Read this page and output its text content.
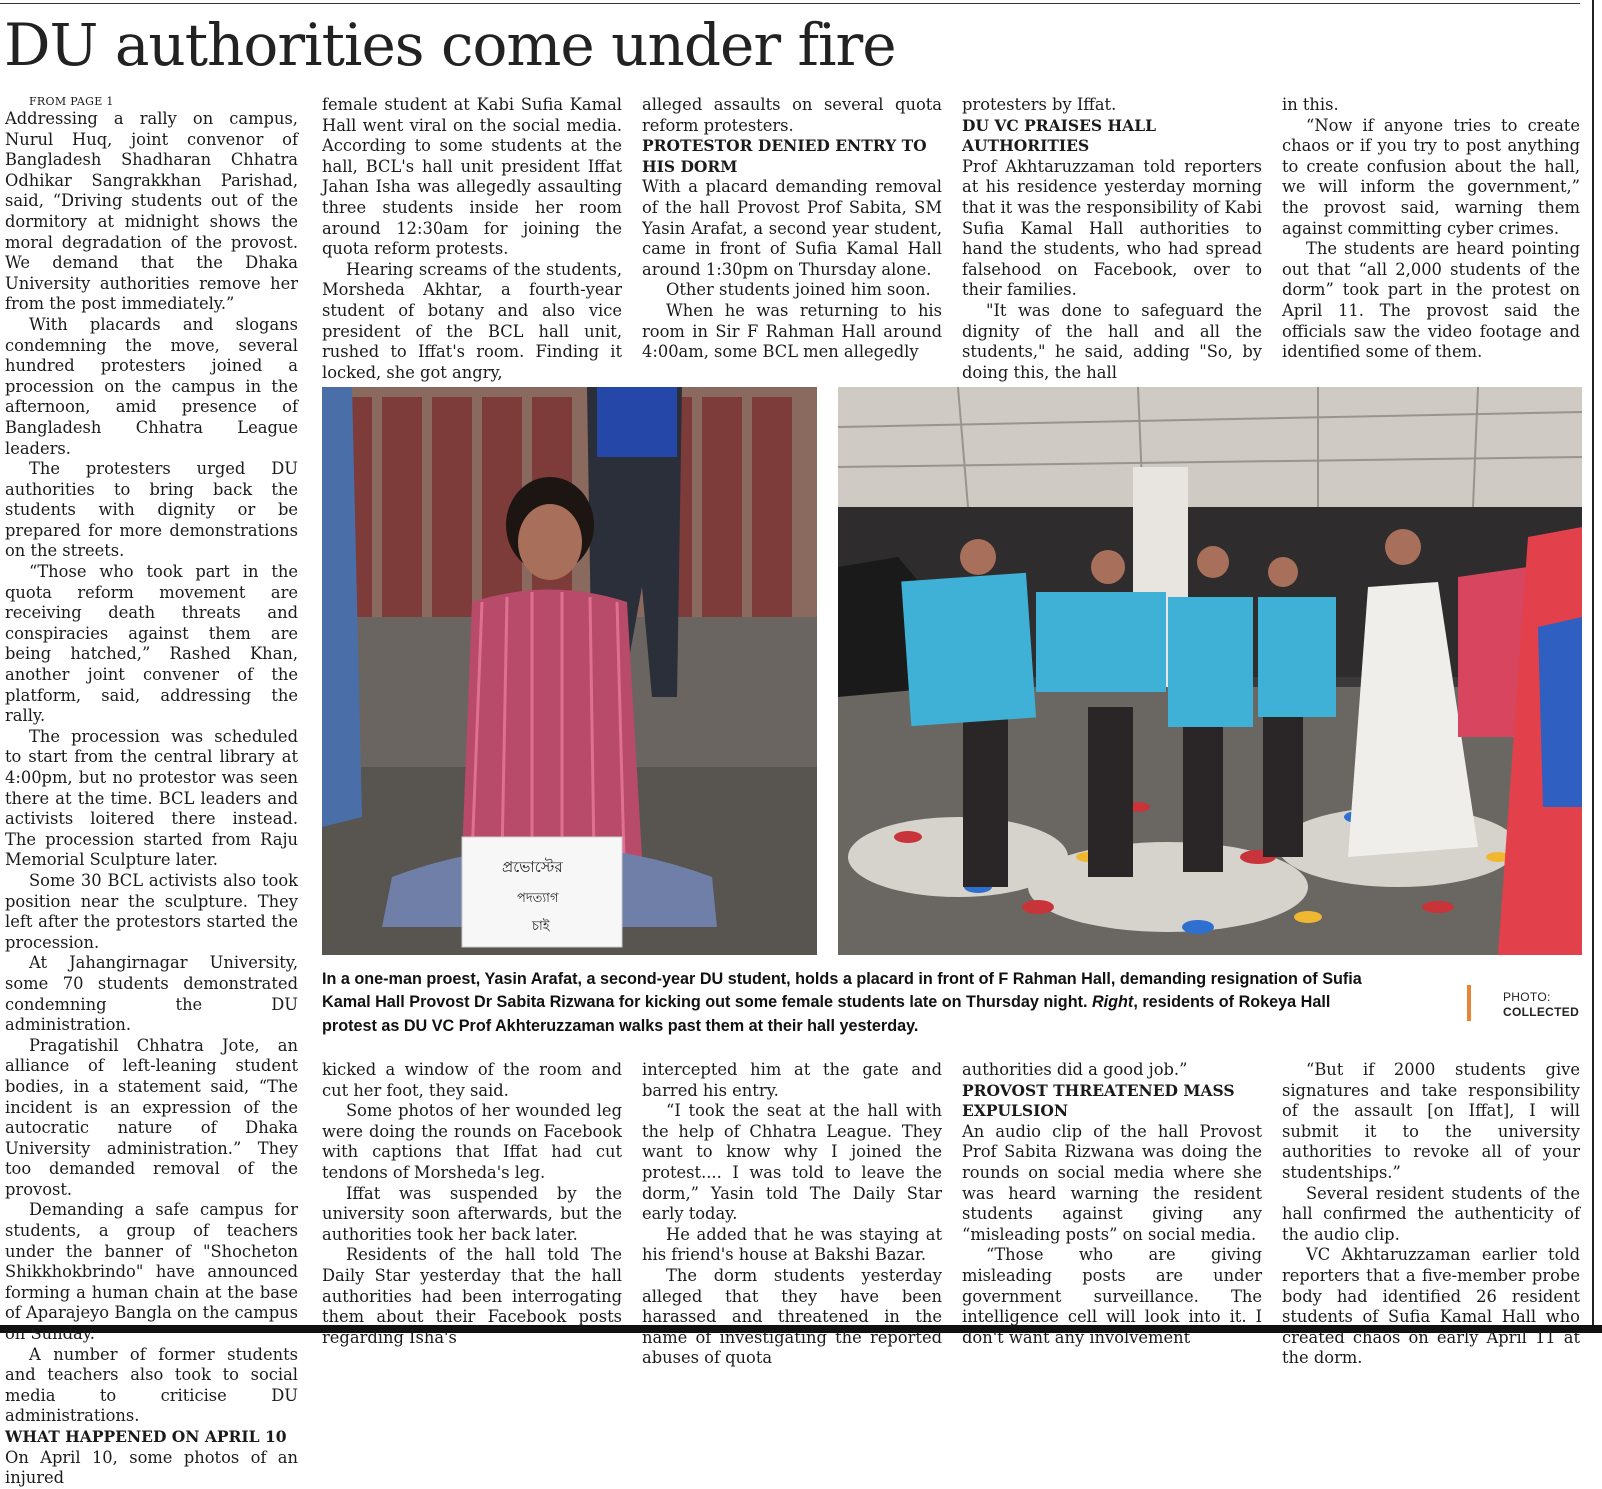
DU authorities come under fire

FROM PAGE 1

Addressing a rally on campus, Nurul Huq, joint convenor of Bangladesh Shadharan Chhatra Odhikar Sangrakkhan Parishad, said, “Driving students out of the dormitory at midnight shows the moral degradation of the provost. We demand that the Dhaka University authorities remove her from the post immediately.”

With placards and slogans condemning the move, several hundred protesters joined a procession on the campus in the afternoon, amid presence of Bangladesh Chhatra League leaders.

The protesters urged DU authorities to bring back the students with dignity or be prepared for more demonstrations on the streets.

“Those who took part in the quota reform movement are receiving death threats and conspiracies against them are being hatched,” Rashed Khan, another joint convener of the platform, said, addressing the rally.

The procession was scheduled to start from the central library at 4:00pm, but no protestor was seen there at the time. BCL leaders and activists loitered there instead. The procession started from Raju Memorial Sculpture later.

Some 30 BCL activists also took position near the sculpture. They left after the protestors started the procession.

At Jahangirnagar University, some 70 students demonstrated condemning the DU administration.

Pragatishil Chhatra Jote, an alliance of left-leaning student bodies, in a statement said, “The incident is an expression of the autocratic nature of Dhaka University administration.” They too demanded removal of the provost.

Demanding a safe campus for students, a group of teachers under the banner of "Shocheton Shikkhokbrindo" have announced forming a human chain at the base of Aparajeyo Bangla on the campus on Sunday.

A number of former students and teachers also took to social media to criticise DU administrations.

WHAT HAPPENED ON APRIL 10

On April 10, some photos of an injured

female student at Kabi Sufia Kamal Hall went viral on the social media. According to some students at the hall, BCL's hall unit president Iffat Jahan Isha was allegedly assaulting three students inside her room around 12:30am for joining the quota reform protests.

Hearing screams of the students, Morsheda Akhtar, a fourth-year student of botany and also vice president of the BCL hall unit, rushed to Iffat's room. Finding it locked, she got angry,

alleged assaults on several quota reform protesters.

PROTESTOR DENIED ENTRY TO HIS DORM

With a placard demanding removal of the hall Provost Prof Sabita, SM Yasin Arafat, a second year student, came in front of Sufia Kamal Hall around 1:30pm on Thursday alone.

Other students joined him soon.

When he was returning to his room in Sir F Rahman Hall around 4:00am, some BCL men allegedly

protesters by Iffat.

DU VC PRAISES HALL AUTHORITIES

Prof Akhtaruzzaman told reporters at his residence yesterday morning that it was the responsibility of Kabi Sufia Kamal Hall authorities to hand the students, who had spread falsehood on Facebook, over to their families.

"It was done to safeguard the dignity of the hall and all the students," he said, adding "So, by doing this, the hall

in this.

“Now if anyone tries to create chaos or if you try to post anything to create confusion about the hall, we will inform the government,” the provost said, warning them against committing cyber crimes.

The students are heard pointing out that “all 2,000 students of the dorm” took part in the protest on April 11. The provost said the officials saw the video footage and identified some of them.

প্রভোস্টের
পদত্যাগ
চাই
In a one-man proest, Yasin Arafat, a second-year DU student, holds a placard in front of F Rahman Hall, demanding resignation of Sufia Kamal Hall Provost Dr Sabita Rizwana for kicking out some female students late on Thursday night. Right, residents of Rokeya Hall protest as DU VC Prof Akhteruzzaman walks past them at their hall yesterday.
PHOTO:
COLLECTED

kicked a window of the room and cut her foot, they said.

Some photos of her wounded leg were doing the rounds on Facebook with captions that Iffat had cut tendons of Morsheda's leg.

Iffat was suspended by the university soon afterwards, but the authorities took her back later.

Residents of the hall told The Daily Star yesterday that the hall authorities had been interrogating them about their Facebook posts regarding Isha's

intercepted him at the gate and barred his entry.

“I took the seat at the hall with the help of Chhatra League. They want to know why I joined the protest.... I was told to leave the dorm,” Yasin told The Daily Star early today.

He added that he was staying at his friend's house at Bakshi Bazar.

The dorm students yesterday alleged that they have been harassed and threatened in the name of investigating the reported abuses of quota

authorities did a good job.”

PROVOST THREATENED MASS EXPULSION

An audio clip of the hall Provost Prof Sabita Rizwana was doing the rounds on social media where she was heard warning the resident students against giving any “misleading posts” on social media.

“Those who are giving misleading posts are under government surveillance. The intelligence cell will look into it. I don't want any involvement

“But if 2000 students give signatures and take responsibility of the assault [on Iffat], I will submit it to the university authorities to revoke all of your studentships.”

Several resident students of the hall confirmed the authenticity of the audio clip.

VC Akhtaruzzaman earlier told reporters that a five-member probe body had identified 26 resident students of Sufia Kamal Hall who created chaos on early April 11 at the dorm.
